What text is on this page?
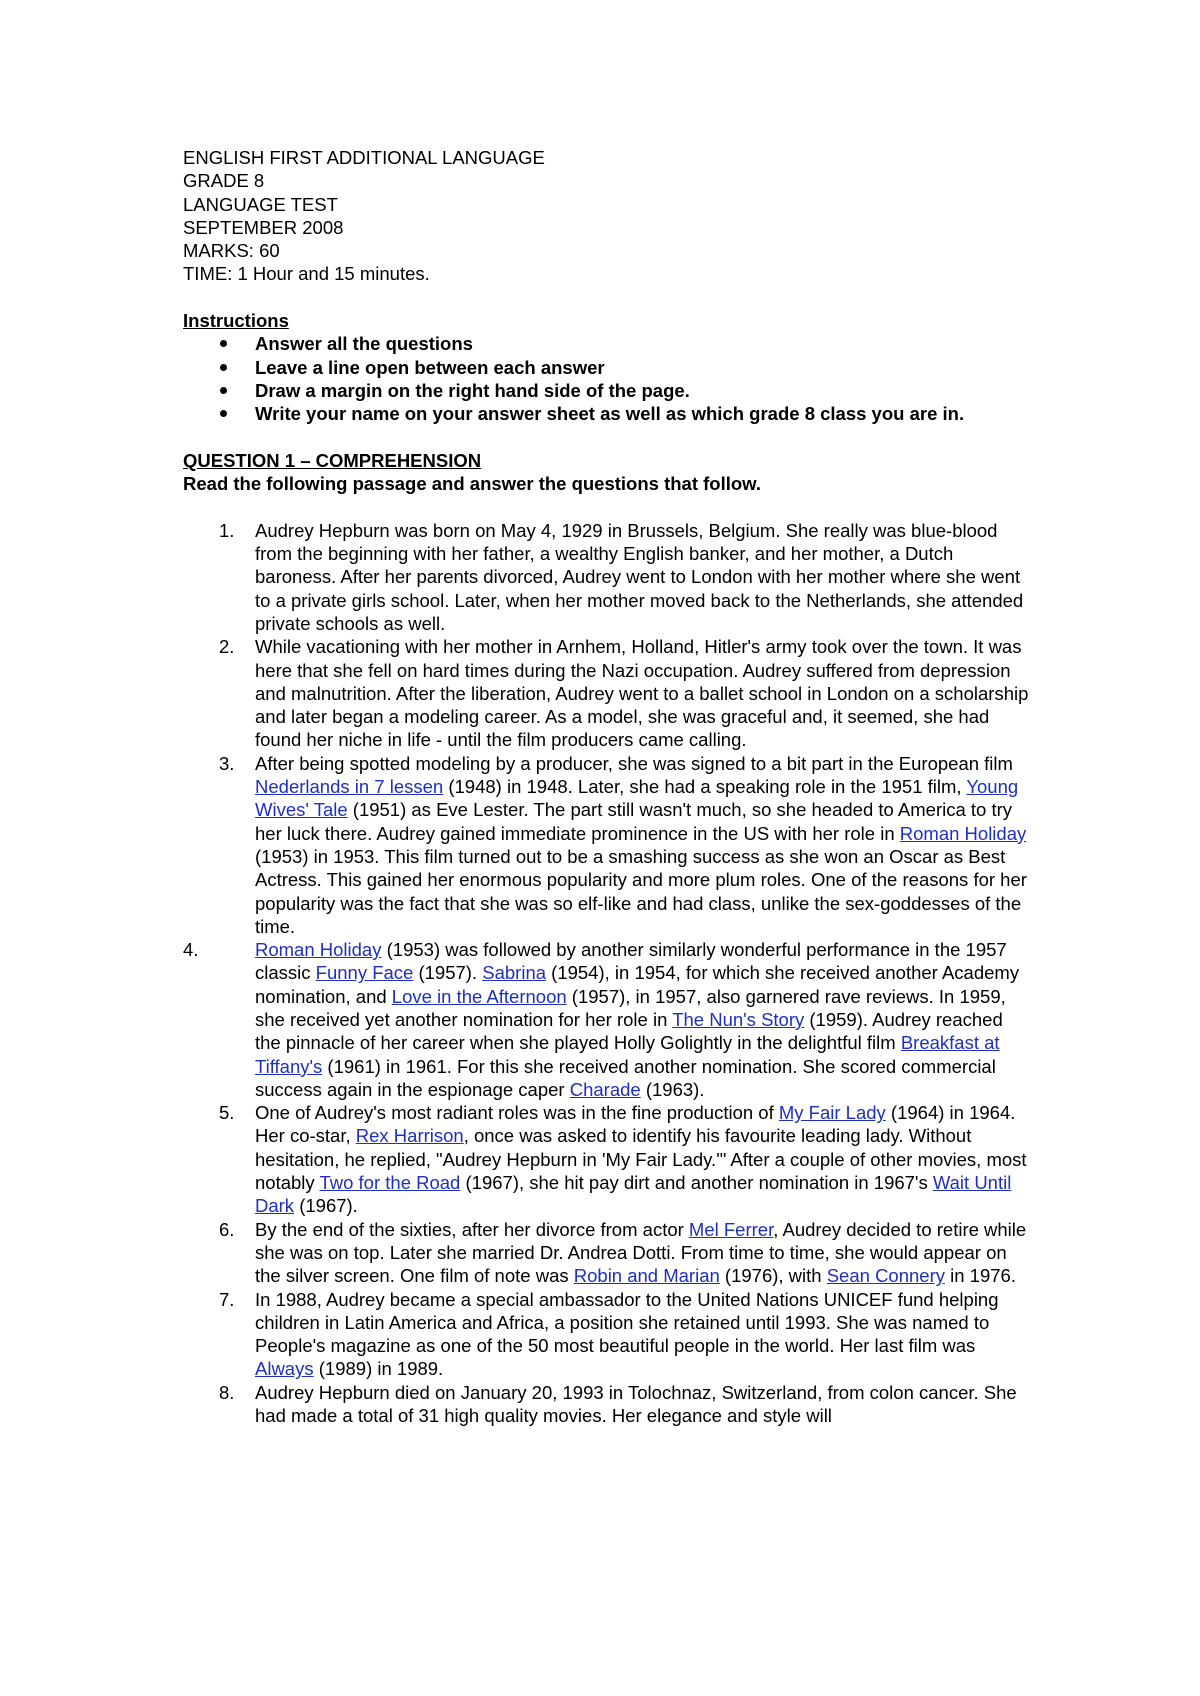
ENGLISH FIRST ADDITIONAL LANGUAGE
GRADE 8
LANGUAGE TEST
SEPTEMBER 2008
MARKS: 60
TIME: 1 Hour and 15 minutes.
Instructions
Answer all the questions
Leave a line open between each answer
Draw a margin on the right hand side of the page.
Write your name on your answer sheet as well as which grade 8 class you are in.
QUESTION 1 – COMPREHENSION
Read the following passage and answer the questions that follow.
1. Audrey Hepburn was born on May 4, 1929 in Brussels, Belgium. She really was blue-blood from the beginning with her father, a wealthy English banker, and her mother, a Dutch baroness. After her parents divorced, Audrey went to London with her mother where she went to a private girls school. Later, when her mother moved back to the Netherlands, she attended private schools as well.
2. While vacationing with her mother in Arnhem, Holland, Hitler's army took over the town. It was here that she fell on hard times during the Nazi occupation. Audrey suffered from depression and malnutrition. After the liberation, Audrey went to a ballet school in London on a scholarship and later began a modeling career. As a model, she was graceful and, it seemed, she had found her niche in life - until the film producers came calling.
3. After being spotted modeling by a producer, she was signed to a bit part in the European film Nederlands in 7 lessen (1948) in 1948. Later, she had a speaking role in the 1951 film, Young Wives' Tale (1951) as Eve Lester. The part still wasn't much, so she headed to America to try her luck there. Audrey gained immediate prominence in the US with her role in Roman Holiday (1953) in 1953. This film turned out to be a smashing success as she won an Oscar as Best Actress. This gained her enormous popularity and more plum roles. One of the reasons for her popularity was the fact that she was so elf-like and had class, unlike the sex-goddesses of the time.
4.	Roman Holiday (1953) was followed by another similarly wonderful performance in the 1957 classic Funny Face (1957). Sabrina (1954), in 1954, for which she received another Academy nomination, and Love in the Afternoon (1957), in 1957, also garnered rave reviews. In 1959, she received yet another nomination for her role in The Nun's Story (1959). Audrey reached the pinnacle of her career when she played Holly Golightly in the delightful film Breakfast at Tiffany's (1961) in 1961. For this she received another nomination. She scored commercial success again in the espionage caper Charade (1963).
5. One of Audrey's most radiant roles was in the fine production of My Fair Lady (1964) in 1964. Her co-star, Rex Harrison, once was asked to identify his favourite leading lady. Without hesitation, he replied, "Audrey Hepburn in 'My Fair Lady.'" After a couple of other movies, most notably Two for the Road (1967), she hit pay dirt and another nomination in 1967's Wait Until Dark (1967).
6. By the end of the sixties, after her divorce from actor Mel Ferrer, Audrey decided to retire while she was on top. Later she married Dr. Andrea Dotti. From time to time, she would appear on the silver screen. One film of note was Robin and Marian (1976), with Sean Connery in 1976.
7. In 1988, Audrey became a special ambassador to the United Nations UNICEF fund helping children in Latin America and Africa, a position she retained until 1993. She was named to People's magazine as one of the 50 most beautiful people in the world. Her last film was Always (1989) in 1989.
8. Audrey Hepburn died on January 20, 1993 in Tolochnaz, Switzerland, from colon cancer. She had made a total of 31 high quality movies. Her elegance and style will
